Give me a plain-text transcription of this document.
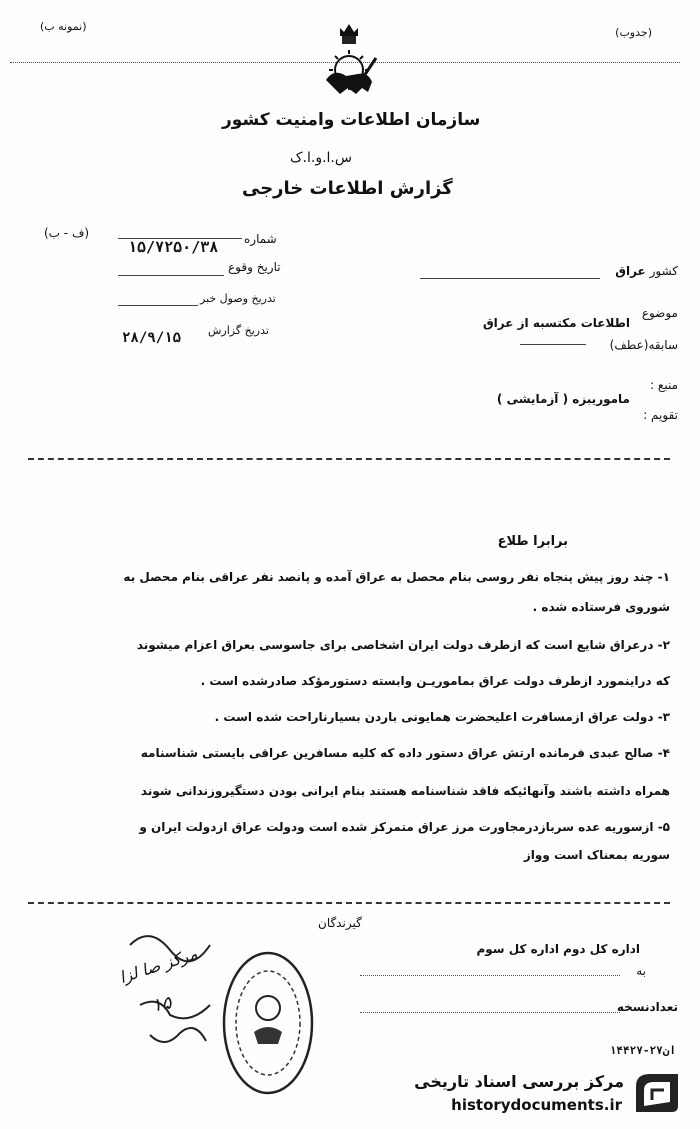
(نمونه ب)	(جدوب)
سازمان اطلاعات وامنیت کشور
س.ا.و.ا.ک
گزارش اطلاعات خارجی
شماره
۱۵/۷۲۵۰/۳۸
(ف - ب)
تاریخ وقوع
تدریخ وصول خبر
تدریخ گزارش
۲۸/۹/۱۵
کشور عراق
موضوع
اطلاعات مکتسبه از عراق
سابقه(عطف)
منبع :
ماموریبزه ( آزمایشی )
تقویم :
برابرا طلاع
۱- چند روز پیش پنجاه نفر روسی بنام محصل به عراق آمده و پانصد نفر عراقی بنام محصل به
شوروی فرستاده شده .
۲- درعراق شایع است که ازطرف دولت ایران اشخاصی برای جاسوسی بعراق اعزام میشوند
که دراینمورد ازطرف دولت عراق بماموریـن وابسته دستورمؤکد صادرشده است .
۳- دولت عراق ازمسافرت اعلیحضرت همایونی باردن بسیارناراحت شده است .
۴- صالح عبدی فرمانده ارتش عراق دستور داده که کلیه مسافرین عراقی بایستی شناسنامه
همراه داشته باشند وآنهائیکه فاقد شناسنامه هستند بنام ایرانی بودن دستگیروزندانی شوند
۵- ازسوریه عده سربازدرمجاورت مرز عراق متمرکز شده است ودولت عراق ازدولت ایران و
سوریه بمعناک است وواز
گیرندگان
اداره کل دوم اداره کل سوم
به
تعدادنسخه
۱۴۴۲۷-۲۷ان
مرکز صا لزا
۱۵
مرکز بررسی اسناد تاریخی
historydocuments.ir
